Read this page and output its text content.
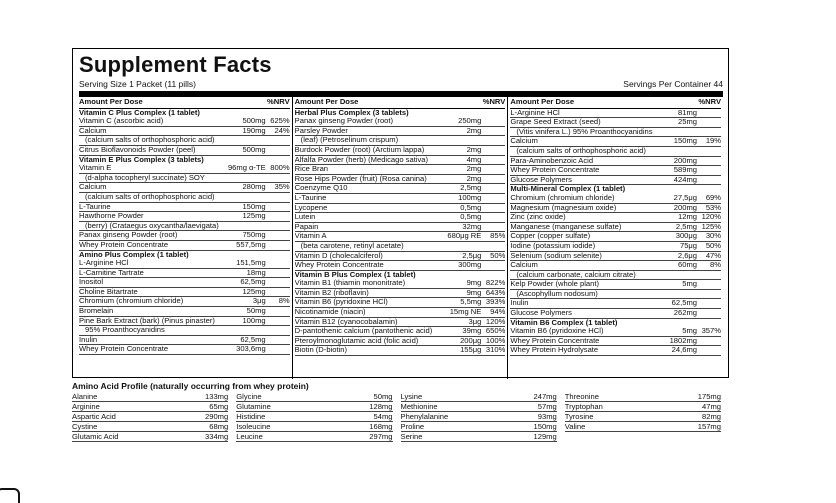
Supplement Facts
Serving Size 1 Packet (11 pills)	Servings Per Container 44
Amount Per Dose	%NRV
Vitamin C Plus Complex (1 tablet)
Vitamin C (ascorbic acid)	500mg 625%
Calcium	190mg	24%
(calcium salts of orthophosphoric acid)
Citrus Bioflavonoids Powder (peel)	500mg
Vitamin E Plus Complex (3 tablets)
Vitamin E	96mg α-TE 800%
(d-alpha tocopheryl succinate) SOY
Calcium	280mg	35%
(calcium salts of orthophosphoric acid)
L-Taurine	150mg
Hawthorne Powder	125mg
(berry) (Crataegus oxycantha/laevigata)
Panax ginseng Powder (root)	750mg
Whey Protein Concentrate	557,5mg
Amino Plus Complex (1 tablet)
L-Arginine HCl	151,5mg
L-Carnitine Tartrate	18mg
Inositol	62,5mg
Choline Bitartrate	125mg
Chromium (chromium chloride)	3μg	8%
Bromelain	50mg
Pine Bark Extract (bark) (Pinus pinaster)	100mg
95% Proanthocyanidins
Inulin	62,5mg
Whey Protein Concentrate	303,6mg
Amount Per Dose	%NRV
Herbal Plus Complex (3 tablets)
Panax ginseng Powder (root)	250mg
Parsley Powder	2mg
(leaf) (Petroselinum crispum)
Burdock Powder (root) (Arctium lappa)	2mg
Alfalfa Powder (herb) (Medicago sativa)	4mg
Rice Bran	2mg
Rose Hips Powder (fruit) (Rosa canina)	2mg
Coenzyme Q10	2,5mg
L-Taurine	100mg
Lycopene	0,5mg
Lutein	0,5mg
Papain	32mg
Vitamin A	680μg RE	85%
(beta carotene, retinyl acetate)
Vitamin D (cholecalciferol)	2,5μg	50%
Whey Protein Concentrate	300mg
Vitamin B Plus Complex (1 tablet)
Vitamin B1 (thiamin mononitrate)	9mg 822%
Vitamin B2 (riboflavin)	9mg 643%
Vitamin B6 (pyridoxine HCl)	5,5mg 393%
Nicotinamide (niacin)	15mg NE	94%
Vitamin B12 (cyanocobalamin)	3μg 120%
D-pantothenic calcium (pantothenic acid)	39mg 650%
Pteroylmonoglutamic acid (folic acid)	200μg 100%
Biotin (D-biotin)	155μg 310%
Amount Per Dose	%NRV
L-Arginine HCl	81mg
Grape Seed Extract (seed)	25mg
(Vitis vinifera L.) 95% Proanthocyanidins
Calcium	150mg	19%
(calcium salts of orthophosphoric acid)
Para-Aminobenzoic Acid	200mg
Whey Protein Concentrate	589mg
Glucose Polymers	424mg
Multi-Mineral Complex (1 tablet)
Chromium (chromium chloride)	27,5μg	69%
Magnesium (magnesium oxide)	200mg	53%
Zinc (zinc oxide)	12mg 120%
Manganese (manganese sulfate)	2,5mg 125%
Copper (copper sulfate)	300μg	30%
Iodine (potassium iodide)	75μg	50%
Selenium (sodium selenite)	2,6μg	47%
Calcium	60mg	8%
(calcium carbonate, calcium citrate)
Kelp Powder (whole plant)	5mg
(Ascophyllum nodosum)
Inulin	62,5mg
Glucose Polymers	262mg
Vitamin B6 Complex (1 tablet)
Vitamin B6 (pyridoxine HCl)	5mg 357%
Whey Protein Concentrate	1802mg
Whey Protein Hydrolysate	24,6mg
Amino Acid Profile (naturally occurring from whey protein)
Alanine	133mg
Arginine	65mg
Aspartic Acid	290mg
Cystine	68mg
Glutamic Acid	334mg
Glycine	50mg
Glutamine	128mg
Histidine	54mg
Isoleucine	168mg
Leucine	297mg
Lysine	247mg
Methionine	57mg
Phenylalanine	93mg
Proline	150mg
Serine	129mg
Threonine	175mg
Tryptophan	47mg
Tyrosine	82mg
Valine	157mg
